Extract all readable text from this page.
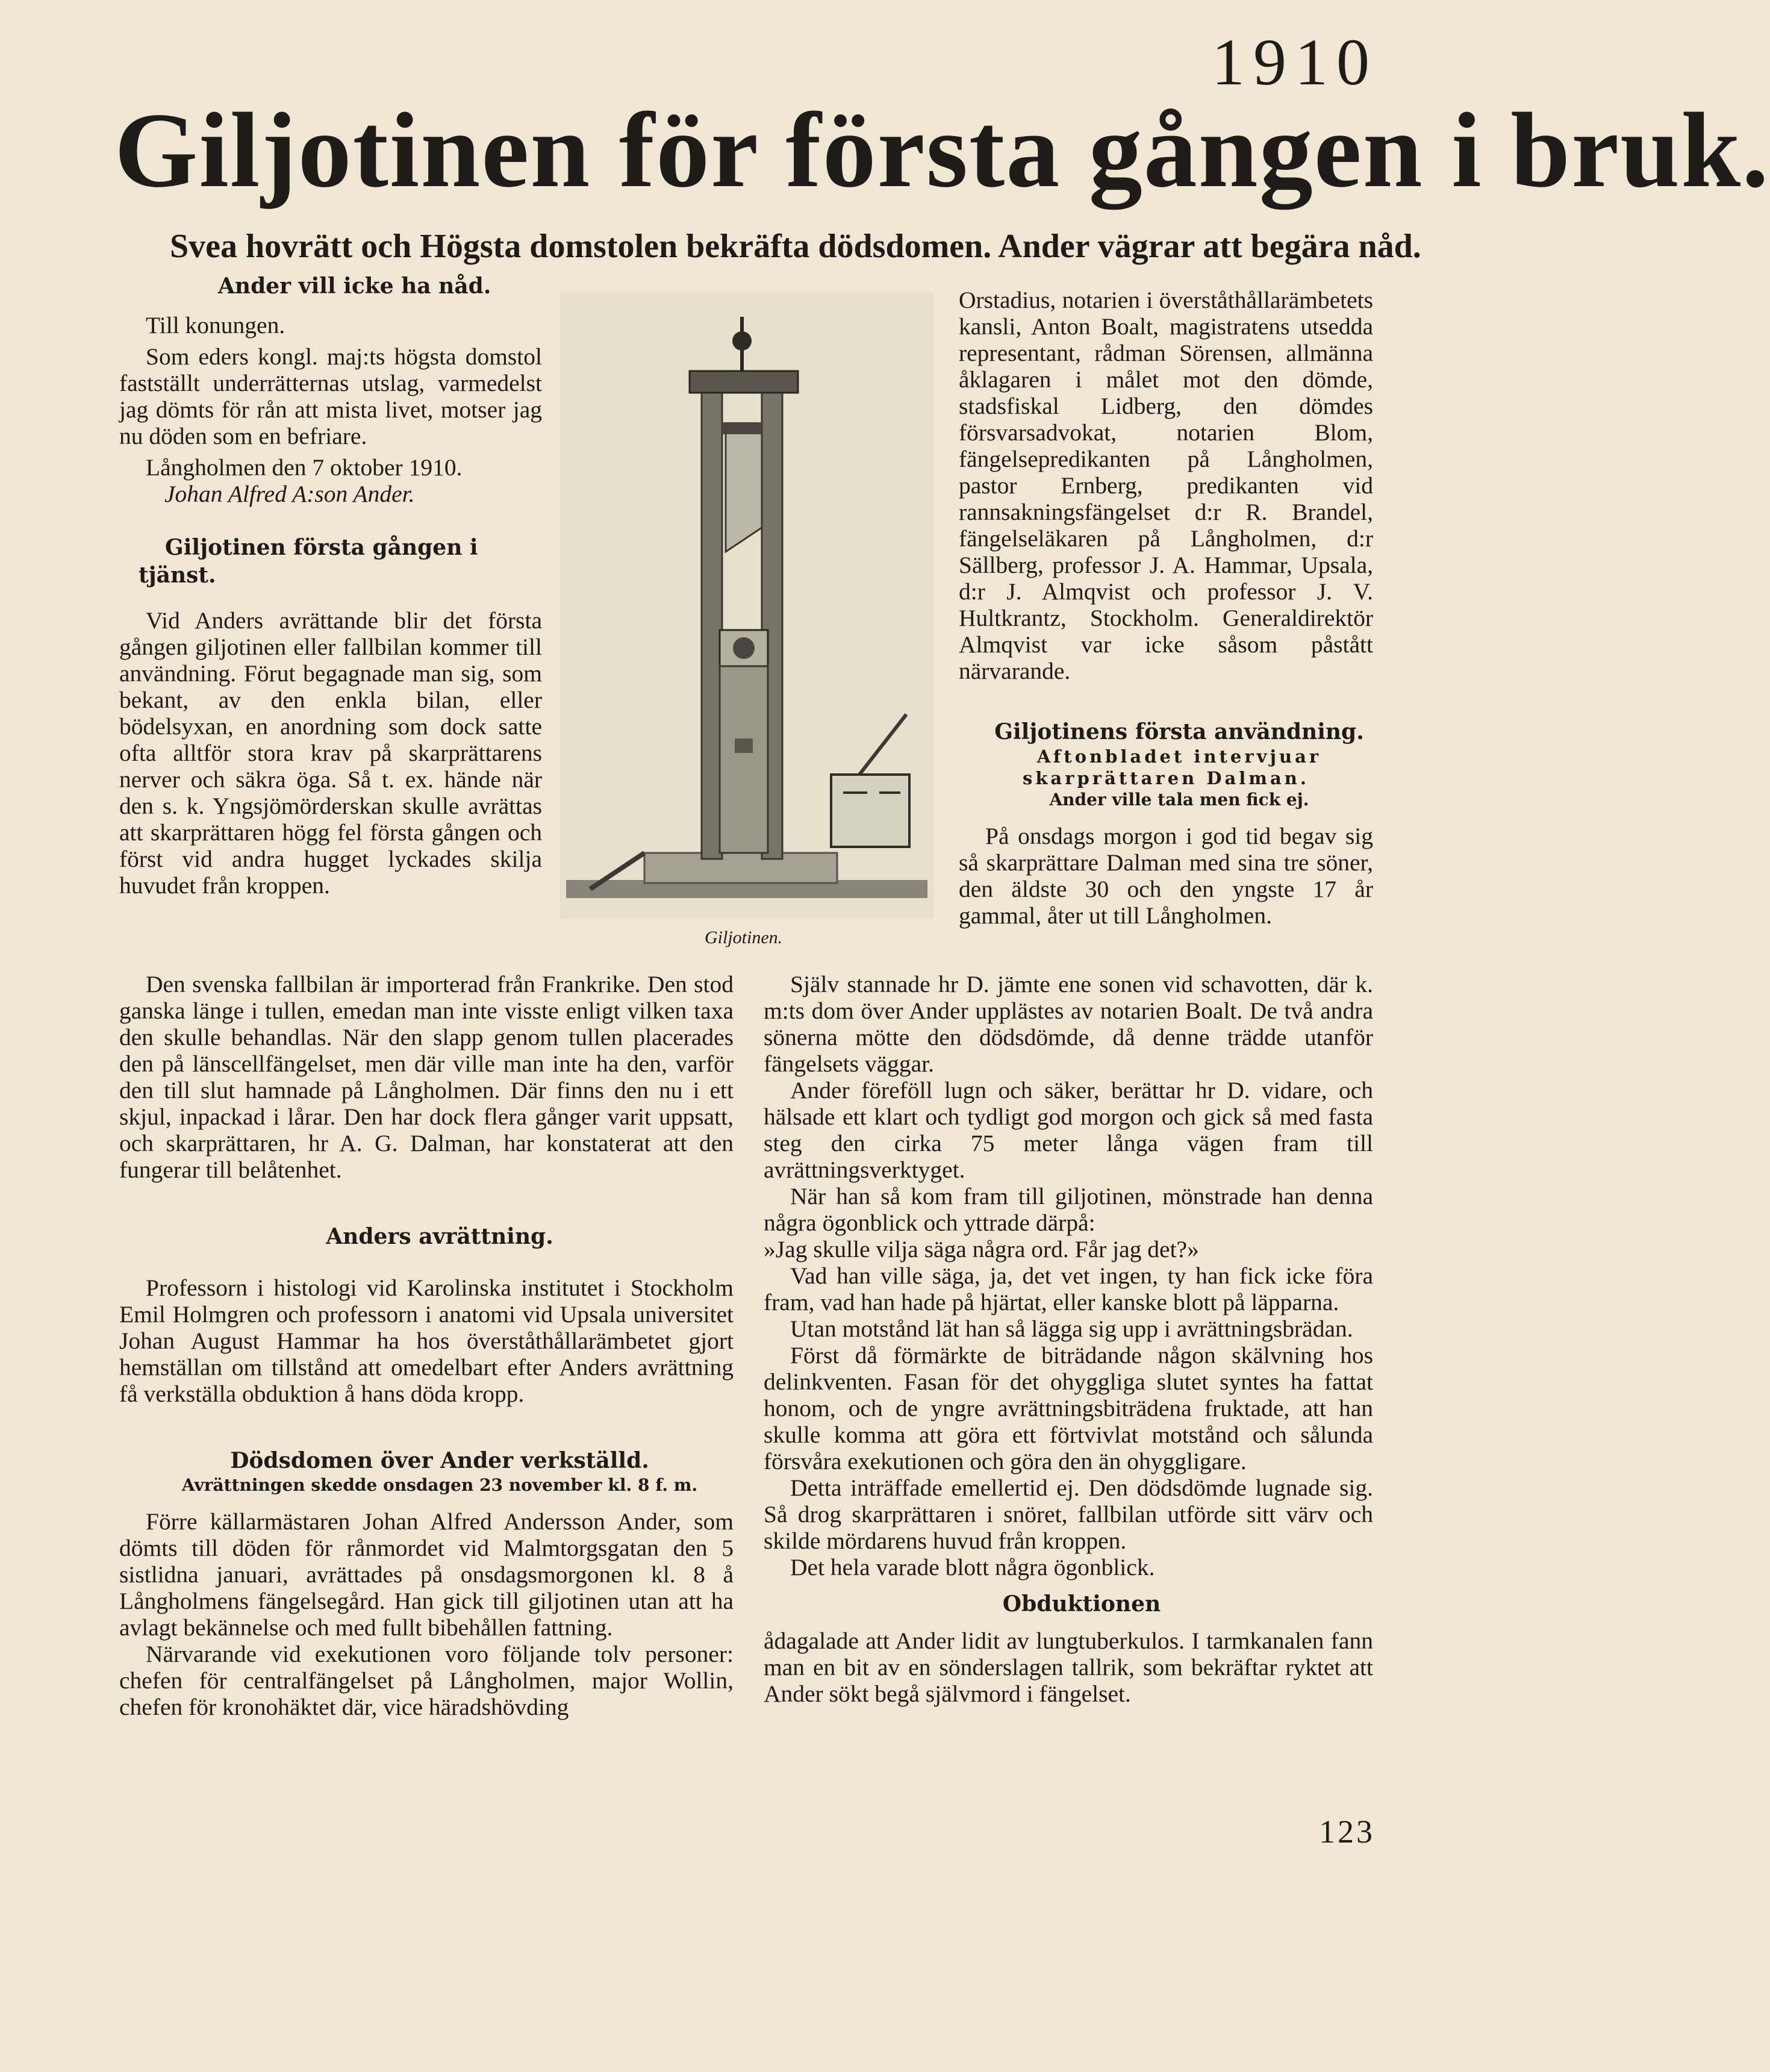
1910
Giljotinen för första gången i bruk.
Svea hovrätt och Högsta domstolen bekräfta dödsdomen. Ander vägrar att begära nåd.

Ander vill icke ha nåd.

Till konungen.

Som eders kongl. maj:ts högsta domstol fastställt underrätternas utslag, varmedelst jag dömts för rån att mista livet, motser jag nu döden som en befriare.

Långholmen den 7 oktober 1910.

Johan Alfred A:son Ander.

Giljotinen första gången i tjänst.

Vid Anders avrättande blir det första gången giljotinen eller fallbilan kommer till användning. Förut begagnade man sig, som bekant, av den enkla bilan, eller bödelsyxan, en anordning som dock satte ofta alltför stora krav på skarprättarens nerver och säkra öga. Så t. ex. hände när den s. k. Yngsjömörderskan skulle avrättas att skarprättaren högg fel första gången och först vid andra hugget lyckades skilja huvudet från kroppen.

Giljotinen.

Den svenska fallbilan är importerad från Frankrike. Den stod ganska länge i tullen, emedan man inte visste enligt vilken taxa den skulle behandlas. När den slapp genom tullen placerades den på länscellfängelset, men där ville man inte ha den, varför den till slut hamnade på Långholmen. Där finns den nu i ett skjul, inpackad i lårar. Den har dock flera gånger varit uppsatt, och skarprättaren, hr A. G. Dalman, har konstaterat att den fungerar till belåtenhet.

Anders avrättning.

Professorn i histologi vid Karolinska institutet i Stockholm Emil Holmgren och professorn i anatomi vid Upsala universitet Johan August Hammar ha hos överståthållarämbetet gjort hemställan om tillstånd att omedelbart efter Anders avrättning få verkställa obduktion å hans döda kropp.

Dödsdomen över Ander verkställd.

Avrättningen skedde onsdagen 23 november kl. 8 f. m.

Förre källarmästaren Johan Alfred Andersson Ander, som dömts till döden för rånmordet vid Malmtorgsgatan den 5 sistlidna januari, avrättades på onsdagsmorgonen kl. 8 å Långholmens fängelsegård. Han gick till giljotinen utan att ha avlagt bekännelse och med fullt bibehållen fattning.

Närvarande vid exekutionen voro följande tolv personer: chefen för centralfängelset på Långholmen, major Wollin, chefen för kronohäktet där, vice häradshövding

Orstadius, notarien i överståthållarämbetets kansli, Anton Boalt, magistratens utsedda representant, rådman Sörensen, allmänna åklagaren i målet mot den dömde, stadsfiskal Lidberg, den dömdes försvarsadvokat, notarien Blom, fängelsepredikanten på Långholmen, pastor Ernberg, predikanten vid rannsakningsfängelset d:r R. Brandel, fängelseläkaren på Långholmen, d:r Sällberg, professor J. A. Hammar, Upsala, d:r J. Almqvist och professor J. V. Hultkrantz, Stockholm. Generaldirektör Almqvist var icke såsom påstått närvarande.

Giljotinens första användning.

Aftonbladet intervjuar skarprättaren Dalman.

Ander ville tala men fick ej.

På onsdags morgon i god tid begav sig så skarprättare Dalman med sina tre söner, den äldste 30 och den yngste 17 år gammal, åter ut till Långholmen.

Själv stannade hr D. jämte ene sonen vid schavotten, där k. m:ts dom över Ander upplästes av notarien Boalt. De två andra sönerna mötte den dödsdömde, då denne trädde utanför fängelsets väggar.

Ander föreföll lugn och säker, berättar hr D. vidare, och hälsade ett klart och tydligt god morgon och gick så med fasta steg den cirka 75 meter långa vägen fram till avrättningsverktyget.

När han så kom fram till giljotinen, mönstrade han denna några ögonblick och yttrade därpå:

»Jag skulle vilja säga några ord. Får jag det?»

Vad han ville säga, ja, det vet ingen, ty han fick icke föra fram, vad han hade på hjärtat, eller kanske blott på läpparna.

Utan motstånd lät han så lägga sig upp i avrättningsbrädan.

Först då förmärkte de biträdande någon skälvning hos delinkventen. Fasan för det ohyggliga slutet syntes ha fattat honom, och de yngre avrättningsbiträdena fruktade, att han skulle komma att göra ett förtvivlat motstånd och sålunda försvåra exekutionen och göra den än ohyggligare.

Detta inträffade emellertid ej. Den dödsdömde lugnade sig. Så drog skarprättaren i snöret, fallbilan utförde sitt värv och skilde mördarens huvud från kroppen.

Det hela varade blott några ögonblick.

Obduktionen

ådagalade att Ander lidit av lungtuberkulos. I tarmkanalen fann man en bit av en sönderslagen tallrik, som bekräftar ryktet att Ander sökt begå självmord i fängelset.

123
